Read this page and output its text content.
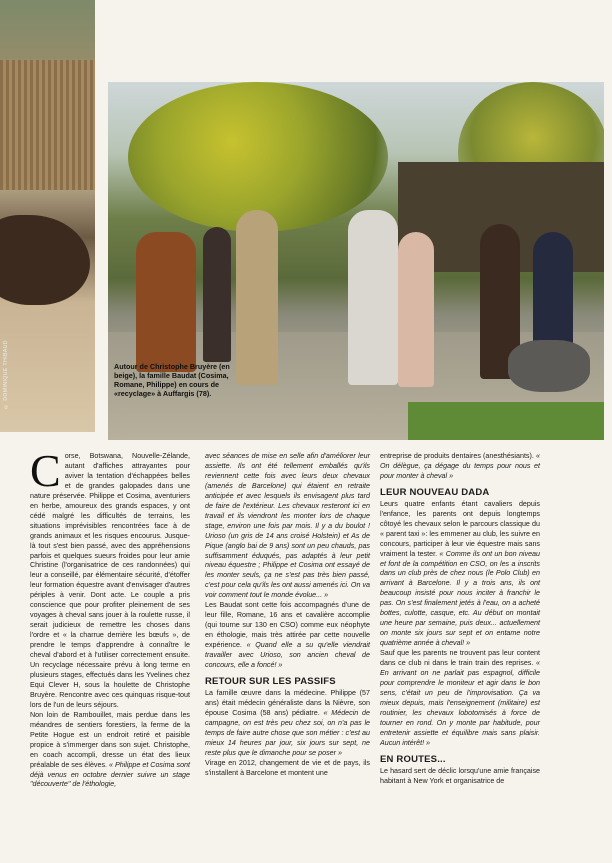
© DOMINIQUE THIBAUD	Autour de Christophe Bruyère (en beige), la famille Baudat (Cosima, Romane, Philippe) en cours de «recyclage» à Auffargis (78).
C orse, Botswana, Nouvelle-Zélande, autant d'affiches attrayantes pour aviver la tentation d'échappées belles et de grandes galopades dans une nature préservée. Philippe et Cosima, aventuriers en herbe, amoureux des grands espaces, y ont cédé malgré les difficultés de terrains, les situations imprévisibles rencontrées face à de grands animaux et les risques encourus. Jusque-là tout s'est bien passé, avec des appréhensions parfois et quelques sueurs froides pour leur amie Christine (l'organisatrice de ces randonnées) qui leur a conseillé, par élémentaire sécurité, d'étoffer leur formation équestre avant d'envisager d'autres périples à venir. Dont acte. Le couple a pris conscience que pour profiter pleinement de ses voyages à cheval sans jouer à la roulette russe, il serait judicieux de remettre les choses dans l'ordre et « la charrue derrière les bœufs », de prendre le temps d'apprendre à connaître le cheval d'abord et à l'utiliser correctement ensuite. Un recyclage nécessaire prévu à long terme en plusieurs stages, effectués dans les Yvelines chez Equi Clever H, sous la houlette de Christophe Bruyère. Rencontre avec ces quinquas risque-tout lors de l'un de leurs séjours.

Non loin de Rambouillet, mais perdue dans les méandres de sentiers forestiers, la ferme de la Petite Hogue est un endroit retiré et paisible propice à s'immerger dans son sujet. Christophe, en coach accompli, dresse un état des lieux préalable de ses élèves. « Philippe et Cosima sont déjà venus en octobre dernier suivre un stage "découverte" de l'éthologie,

avec séances de mise en selle afin d'améliorer leur assiette. Ils ont été tellement emballés qu'ils reviennent cette fois avec leurs deux chevaux (amenés de Barcelone) qui étaient en retraite anticipée et avec lesquels ils envisagent plus tard de faire de l'extérieur. Les chevaux resteront ici en travail et ils viendront les monter lors de chaque stage, environ une fois par mois. Il y a du boulot ! Urioso (un gris de 14 ans croisé Holstein) et As de Pique (anglo bai de 9 ans) sont un peu chauds, pas suffisamment éduqués, pas adaptés à leur petit niveau équestre ; Philippe et Cosima ont essayé de les monter seuls, ça ne s'est pas très bien passé, c'est pour cela qu'ils les ont aussi amenés ici. On va voir comment tout le monde évolue... »

Les Baudat sont cette fois accompagnés d'une de leur fille, Romane, 16 ans et cavalière accomplie (qui tourne sur 130 en CSO) comme eux néophyte en éthologie, mais très attirée par cette nouvelle expérience. « Quand elle a su qu'elle viendrait travailler avec Urioso, son ancien cheval de concours, elle a foncé! »

RETOUR SUR LES PASSIFS

La famille œuvre dans la médecine. Philippe (57 ans) était médecin généraliste dans la Nièvre, son épouse Cosima (58 ans) pédiatre. « Médecin de campagne, on est très peu chez soi, on n'a pas le temps de faire autre chose que son métier : c'est au mieux 14 heures par jour, six jours sur sept, ne reste plus que le dimanche pour se poser »

Virage en 2012, changement de vie et de pays, ils s'installent à Barcelone et montent une

entreprise de produits dentaires (anesthésiants). « On délègue, ça dégage du temps pour nous et pour monter à cheval »

LEUR NOUVEAU DADA

Leurs quatre enfants étant cavaliers depuis l'enfance, les parents ont depuis longtemps côtoyé les chevaux selon le parcours classique du « parent taxi »: les emmener au club, les suivre en concours, participer à leur vie équestre mais sans vraiment la tester. « Comme ils ont un bon niveau et font de la compétition en CSO, on les a inscrits dans un club près de chez nous (le Polo Club) en arrivant à Barcelone. Il y a trois ans, ils ont beaucoup insisté pour nous inciter à franchir le pas. On s'est finalement jetés à l'eau, on a acheté bottes, culotte, casque, etc. Au début on montait une heure par semaine, puis deux... actuellement on monte six jours sur sept et on entame notre quatrième année à cheval! »

Sauf que les parents ne trouvent pas leur content dans ce club ni dans le train train des reprises. « En arrivant on ne parlait pas espagnol, difficile pour comprendre le moniteur et agir dans le bon sens, c'était un peu de l'improvisation. Ça va mieux depuis, mais l'enseignement (militaire) est routinier, les chevaux lobotomisés à force de tourner en rond. On y monte par habitude, pour entretenir assiette et équilibre mais sans plaisir. Aucun intérêt! »

EN ROUTES...

Le hasard sert de déclic lorsqu'une amie française habitant à New York et organisatrice de
